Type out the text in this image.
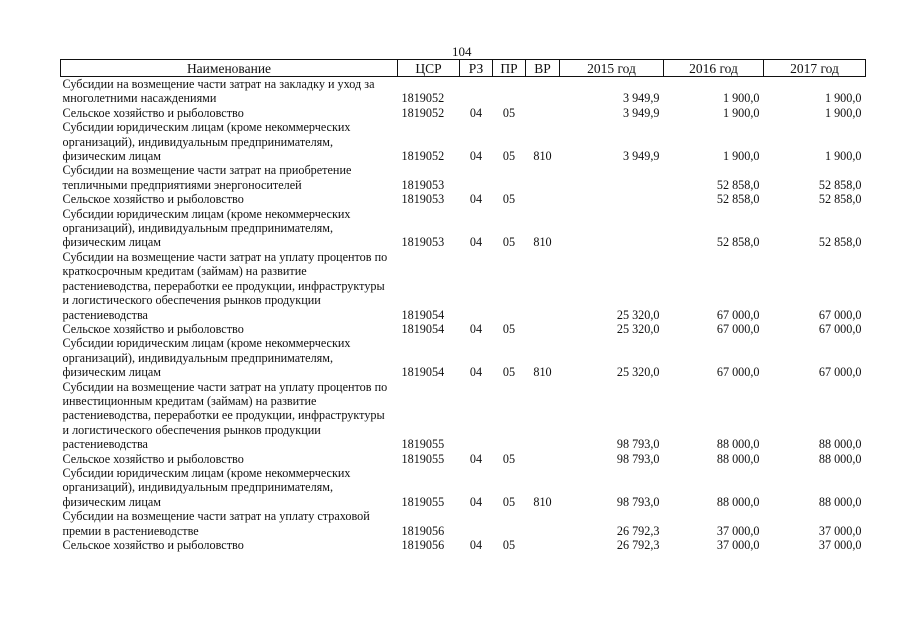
104
Наименование	ЦСР	РЗ	ПР	ВР	2015 год	2016 год	2017 год
Субсидии на возмещение части затрат на закладку и уход за многолетними насаждениями	1819052				3 949,9	1 900,0	1 900,0
Сельское хозяйство и рыболовство	1819052	04	05		3 949,9	1 900,0	1 900,0
Субсидии юридическим лицам (кроме некоммерческих организаций), индивидуальным предпринимателям, физическим лицам	1819052	04	05	810	3 949,9	1 900,0	1 900,0
Субсидии на возмещение части затрат на приобретение тепличными предприятиями энергоносителей	1819053					52 858,0	52 858,0
Сельское хозяйство и рыболовство	1819053	04	05			52 858,0	52 858,0
Субсидии юридическим лицам (кроме некоммерческих организаций), индивидуальным предпринимателям, физическим лицам	1819053	04	05	810		52 858,0	52 858,0
Субсидии на возмещение части затрат на уплату процентов по краткосрочным кредитам (займам) на развитие растениеводства, переработки ее продукции, инфраструктуры и логистического обеспечения рынков продукции растениеводства	1819054				25 320,0	67 000,0	67 000,0
Сельское хозяйство и рыболовство	1819054	04	05		25 320,0	67 000,0	67 000,0
Субсидии юридическим лицам (кроме некоммерческих организаций), индивидуальным предпринимателям, физическим лицам	1819054	04	05	810	25 320,0	67 000,0	67 000,0
Субсидии на возмещение части затрат на уплату процентов по инвестиционным кредитам (займам) на развитие растениеводства, переработки ее продукции, инфраструктуры и логистического обеспечения рынков продукции растениеводства	1819055				98 793,0	88 000,0	88 000,0
Сельское хозяйство и рыболовство	1819055	04	05		98 793,0	88 000,0	88 000,0
Субсидии юридическим лицам (кроме некоммерческих организаций), индивидуальным предпринимателям, физическим лицам	1819055	04	05	810	98 793,0	88 000,0	88 000,0
Субсидии на возмещение части затрат на уплату страховой премии в растениеводстве	1819056				26 792,3	37 000,0	37 000,0
Сельское хозяйство и рыболовство	1819056	04	05		26 792,3	37 000,0	37 000,0
